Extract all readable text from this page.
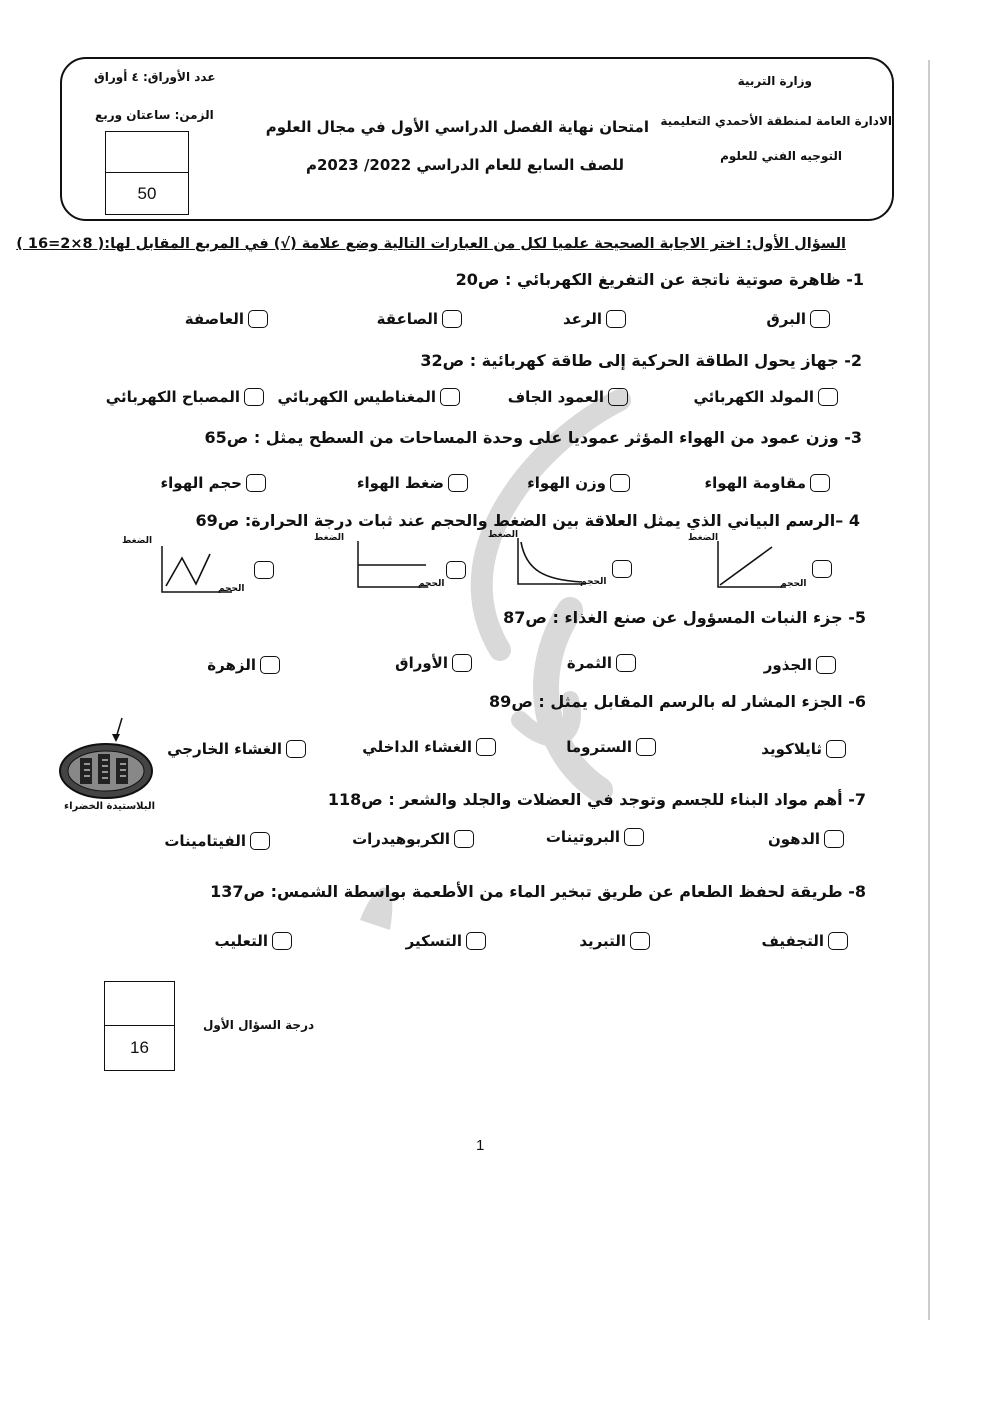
وزارة التربية
الادارة العامة لمنطقة الأحمدي التعليمية
التوجيه الفني للعلوم
امتحان نهاية الفصل الدراسي الأول في مجال العلوم
للصف السابع للعام الدراسي 2022/ 2023م
عدد الأوراق: ٤ أوراق
الزمن: ساعتان وربع
50
السؤال الأول: اختر الاجابة الصحيحة علميا لكل من العبارات التالية وضع علامة (√) في المربع المقابل لها:( 8×2=16 )
1- ظاهرة صوتية ناتجة عن التفريغ الكهربائي : ص20
البرق
الرعد
الصاعقة
العاصفة
2- جهاز يحول الطاقة الحركية إلى طاقة كهربائية : ص32
المولد الكهربائي
العمود الجاف
المغناطيس الكهربائي
المصباح الكهربائي
3- وزن عمود من الهواء المؤثر عموديا على وحدة المساحات من السطح يمثل : ص65
مقاومة الهواء
وزن الهواء
ضغط الهواء
حجم الهواء
4 –الرسم البياني الذي يمثل العلاقة بين الضغط والحجم عند ثبات درجة الحرارة: ص69
الضغط
الحجم
الضغط
الحجم
الضغط
الحجم
الضغط
الحجم
5- جزء النبات المسؤول عن صنع الغذاء : ص87
الجذور
الثمرة
الأوراق
الزهرة
6- الجزء المشار له بالرسم المقابل يمثل : ص89
ثايلاكويد
الستروما
الغشاء الداخلي
الغشاء الخارجي
البلاستيدة الخضراء	7- أهم مواد البناء للجسم وتوجد في العضلات والجلد والشعر : ص118
الدهون
البروتينات
الكربوهيدرات
الفيتامينات
8- طريقة لحفظ الطعام عن طريق تبخير الماء من الأطعمة بواسطة الشمس: ص137
التجفيف
التبريد
التسكير
التعليب
16
درجة السؤال الأول
1
